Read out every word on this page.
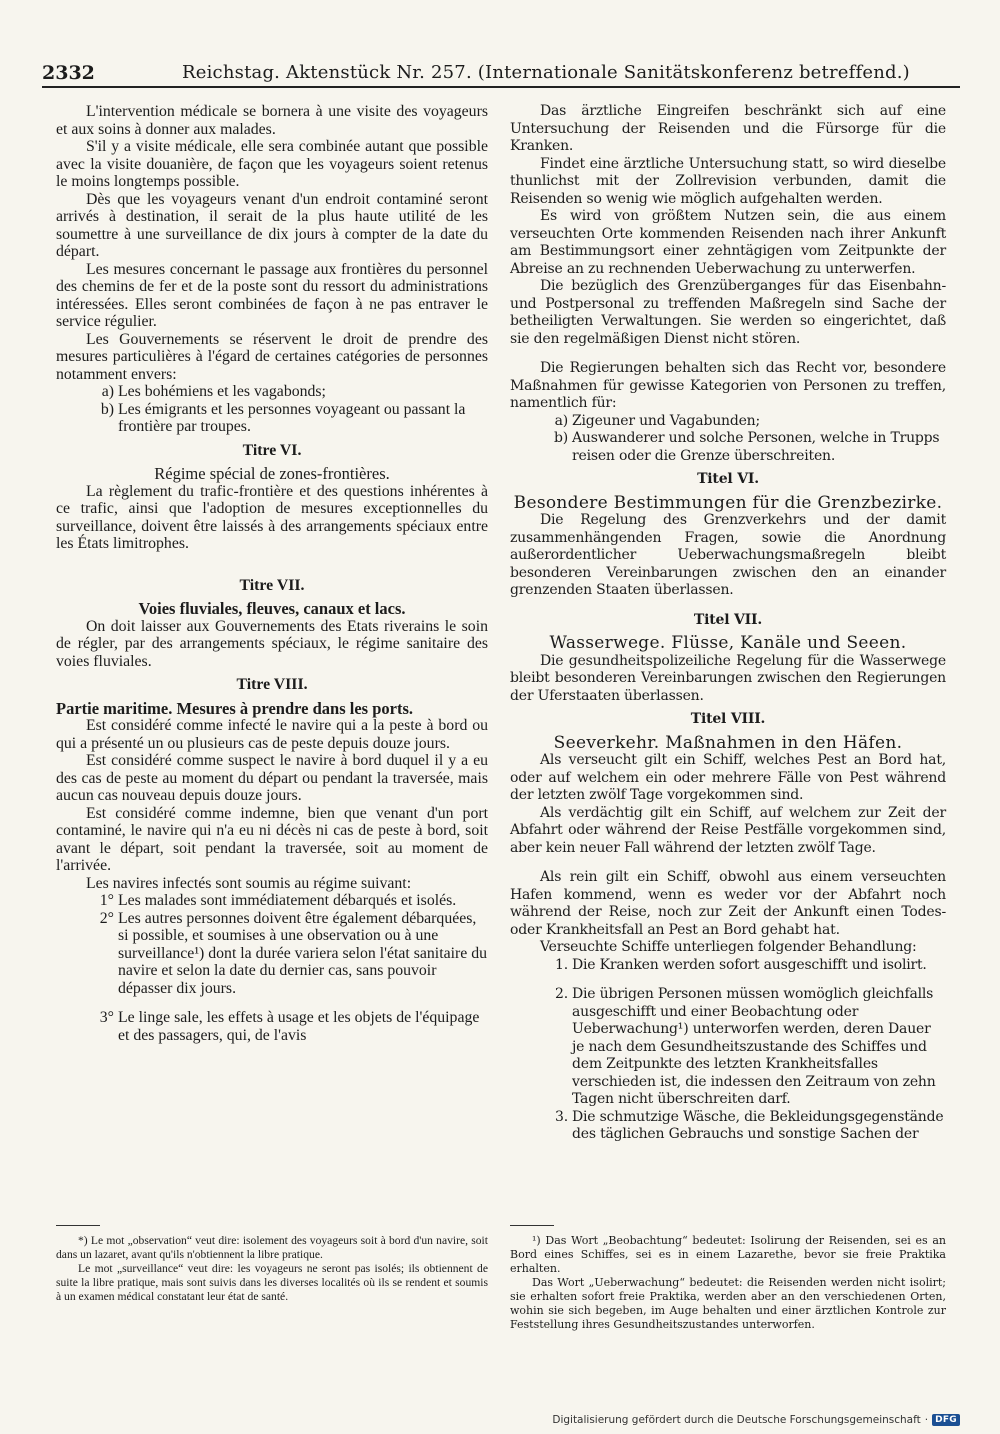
2332	Reichstag. Aktenstück Nr. 257. (Internationale Sanitätskonferenz betreffend.)

L'intervention médicale se bornera à une visite des voyageurs et aux soins à donner aux malades.

S'il y a visite médicale, elle sera combinée autant que possible avec la visite douanière, de façon que les voyageurs soient retenus le moins longtemps possible.

Dès que les voyageurs venant d'un endroit contaminé seront arrivés à destination, il serait de la plus haute utilité de les soumettre à une surveillance de dix jours à compter de la date du départ.

Les mesures concernant le passage aux frontières du personnel des chemins de fer et de la poste sont du ressort du administrations intéressées. Elles seront combinées de façon à ne pas entraver le service régulier.

Les Gouvernements se réservent le droit de prendre des mesures particulières à l'égard de certaines catégories de personnes notamment envers:

a) Les bohémiens et les vagabonds;
b) Les émigrants et les personnes voyageant ou passant la frontière par troupes.
Titre VI.
Régime spécial de zones-frontières.

La règlement du trafic-frontière et des questions inhérentes à ce trafic, ainsi que l'adoption de mesures exceptionnelles du surveillance, doivent être laissés à des arrangements spéciaux entre les États limitrophes.

Titre VII.
Voies fluviales, fleuves, canaux et lacs.

On doit laisser aux Gouvernements des Etats riverains le soin de régler, par des arrangements spéciaux, le régime sanitaire des voies fluviales.

Titre VIII.
Partie maritime. Mesures à prendre dans les ports.

Est considéré comme infecté le navire qui a la peste à bord ou qui a présenté un ou plusieurs cas de peste depuis douze jours.

Est considéré comme suspect le navire à bord duquel il y a eu des cas de peste au moment du départ ou pendant la traversée, mais aucun cas nouveau depuis douze jours.

Est considéré comme indemne, bien que venant d'un port contaminé, le navire qui n'a eu ni décès ni cas de peste à bord, soit avant le départ, soit pendant la traversée, soit au moment de l'arrivée.

Les navires infectés sont soumis au régime suivant:

1° Les malades sont immédiatement débarqués et isolés.
2° Les autres personnes doivent être également débarquées, si possible, et soumises à une observation ou à une surveillance¹) dont la durée variera selon l'état sanitaire du navire et selon la date du dernier cas, sans pouvoir dépasser dix jours.
3° Le linge sale, les effets à usage et les objets de l'équipage et des passagers, qui, de l'avis

Das ärztliche Eingreifen beschränkt sich auf eine Untersuchung der Reisenden und die Fürsorge für die Kranken.

Findet eine ärztliche Untersuchung statt, so wird dieselbe thunlichst mit der Zollrevision verbunden, damit die Reisenden so wenig wie möglich aufgehalten werden.

Es wird von größtem Nutzen sein, die aus einem verseuchten Orte kommenden Reisenden nach ihrer Ankunft am Bestimmungsort einer zehntägigen vom Zeitpunkte der Abreise an zu rechnenden Ueberwachung zu unterwerfen.

Die bezüglich des Grenzüberganges für das Eisenbahn- und Postpersonal zu treffenden Maßregeln sind Sache der betheiligten Verwaltungen. Sie werden so eingerichtet, daß sie den regelmäßigen Dienst nicht stören.

Die Regierungen behalten sich das Recht vor, besondere Maßnahmen für gewisse Kategorien von Personen zu treffen, namentlich für:

a) Zigeuner und Vagabunden;
b) Auswanderer und solche Personen, welche in Trupps reisen oder die Grenze überschreiten.
Titel VI.
Besondere Bestimmungen für die Grenzbezirke.

Die Regelung des Grenzverkehrs und der damit zusammenhängenden Fragen, sowie die Anordnung außerordentlicher Ueberwachungsmaßregeln bleibt besonderen Vereinbarungen zwischen den an einander grenzenden Staaten überlassen.

Titel VII.
Wasserwege. Flüsse, Kanäle und Seeen.

Die gesundheitspolizeiliche Regelung für die Wasserwege bleibt besonderen Vereinbarungen zwischen den Regierungen der Uferstaaten überlassen.

Titel VIII.
Seeverkehr. Maßnahmen in den Häfen.

Als verseucht gilt ein Schiff, welches Pest an Bord hat, oder auf welchem ein oder mehrere Fälle von Pest während der letzten zwölf Tage vorgekommen sind.

Als verdächtig gilt ein Schiff, auf welchem zur Zeit der Abfahrt oder während der Reise Pestfälle vorgekommen sind, aber kein neuer Fall während der letzten zwölf Tage.

Als rein gilt ein Schiff, obwohl aus einem verseuchten Hafen kommend, wenn es weder vor der Abfahrt noch während der Reise, noch zur Zeit der Ankunft einen Todes- oder Krankheitsfall an Pest an Bord gehabt hat.

Verseuchte Schiffe unterliegen folgender Behandlung:

1. Die Kranken werden sofort ausgeschifft und isolirt.
2. Die übrigen Personen müssen womöglich gleichfalls ausgeschifft und einer Beobachtung oder Ueberwachung¹) unterworfen werden, deren Dauer je nach dem Gesundheitszustande des Schiffes und dem Zeitpunkte des letzten Krankheitsfalles verschieden ist, die indessen den Zeitraum von zehn Tagen nicht überschreiten darf.
3. Die schmutzige Wäsche, die Bekleidungsgegenstände des täglichen Gebrauchs und sonstige Sachen der

*) Le mot „observation“ veut dire: isolement des voyageurs soit à bord d'un navire, soit dans un lazaret, avant qu'ils n'obtiennent la libre pratique.

Le mot „surveillance“ veut dire: les voyageurs ne seront pas isolés; ils obtiennent de suite la libre pratique, mais sont suivis dans les diverses localités où ils se rendent et soumis à un examen médical constatant leur état de santé.

¹) Das Wort „Beobachtung“ bedeutet: Isolirung der Reisenden, sei es an Bord eines Schiffes, sei es in einem Lazarethe, bevor sie freie Praktika erhalten.

Das Wort „Ueberwachung“ bedeutet: die Reisenden werden nicht isolirt; sie erhalten sofort freie Praktika, werden aber an den verschiedenen Orten, wohin sie sich begeben, im Auge behalten und einer ärztlichen Kontrole zur Feststellung ihres Gesundheitszustandes unterworfen.

Digitalisierung gefördert durch die Deutsche Forschungsgemeinschaft · DFG
